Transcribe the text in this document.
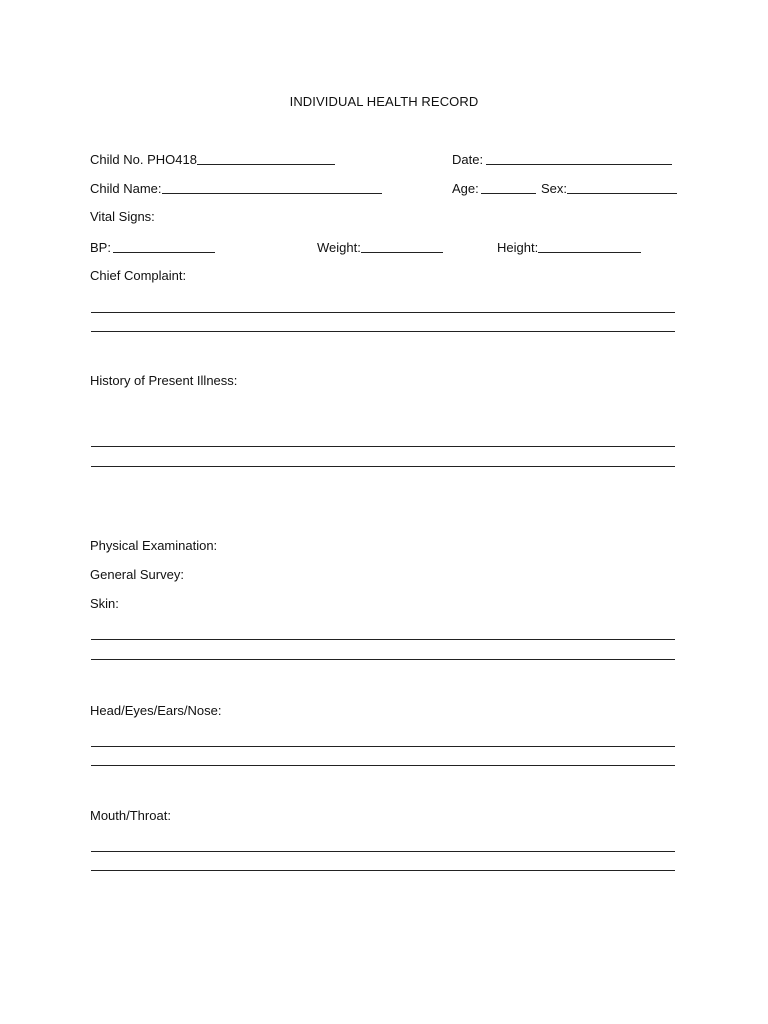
INDIVIDUAL HEALTH RECORD
Child No. PHO418	Date:
Child Name:	Age:	Sex:
Vital Signs:
BP:	Weight:	Height:
Chief Complaint:
History of Present Illness:
Physical Examination:
General Survey:
Skin:
Head/Eyes/Ears/Nose:
Mouth/Throat:
